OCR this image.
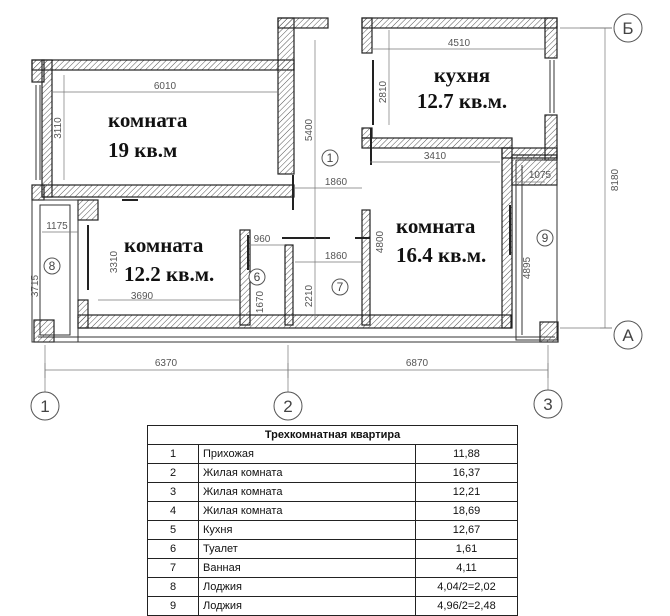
4510
6010
3110
2810
5400
3410
1860
1860
1075	8180
1175
960	4800
4895
3310
3715	3690	1670	2210
6370	6870
Б
А
1	2	3
кухня
12.7 кв.м.
комната
19 кв.м
комната
16.4 кв.м.
комната
12.2 кв.м.
1
6
7
8
9
Трехкомнатная квартира		
1	Прихожая	11,88
2	Жилая комната	16,37
3	Жилая комната	12,21
4	Жилая комната	18,69
5	Кухня	12,67
6	Туалет	1,61
7	Ванная	4,11
8	Лоджия	4,04/2=2,02
9	Лоджия	4,96/2=2,48
